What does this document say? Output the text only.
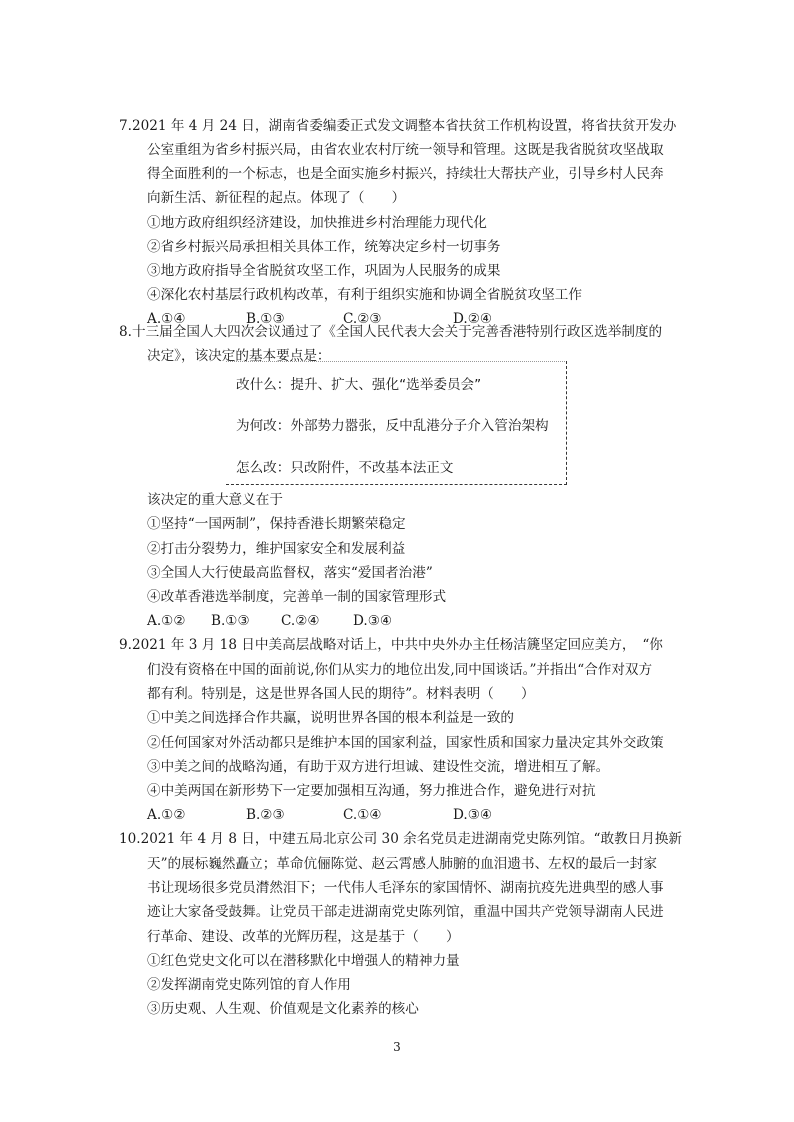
7.2021 年 4 月 24 日，湖南省委编委正式发文调整本省扶贫工作机构设置，将省扶贫开发办
公室重组为省乡村振兴局，由省农业农村厅统一领导和管理。这既是我省脱贫攻坚战取
得全面胜利的一个标志，也是全面实施乡村振兴，持续壮大帮扶产业，引导乡村人民奔
向新生活、新征程的起点。体现了（　　）
①地方政府组织经济建设，加快推进乡村治理能力现代化
②省乡村振兴局承担相关具体工作，统筹决定乡村一切事务
③地方政府指导全省脱贫攻坚工作，巩固为人民服务的成果
④深化农村基层行政机构改革，有利于组织实施和协调全省脱贫攻坚工作
A.①④	B.①③	C.②③	D.②④
8.十三届全国人大四次会议通过了《全国人民代表大会关于完善香港特别行政区选举制度的
决定》，该决定的基本要点是：
改什么：提升、扩大、强化“选举委员会”
为何改：外部势力嚣张，反中乱港分子介入管治架构
怎么改：只改附件，不改基本法正文
该决定的重大意义在于
①坚持“一国两制”，保持香港长期繁荣稳定
②打击分裂势力，维护国家安全和发展利益
③全国人大行使最高监督权，落实“爱国者治港”
④改革香港选举制度，完善单一制的国家管理形式
A.①② B.①③ C.②④ D.③④
9.2021 年 3 月 18 日中美高层战略对话上，中共中央外办主任杨洁篪坚定回应美方，　“你
们没有资格在中国的面前说,你们从实力的地位出发,同中国谈话。”并指出“合作对双方
都有利。特别是，这是世界各国人民的期待”。材料表明（　　）
①中美之间选择合作共赢，说明世界各国的根本利益是一致的
②任何国家对外活动都只是维护本国的国家利益，国家性质和国家力量决定其外交政策
③中美之间的战略沟通，有助于双方进行坦诚、建设性交流，增进相互了解。
④中美两国在新形势下一定要加强相互沟通，努力推进合作，避免进行对抗
A.①②	B.②③	C.①④	D.③④
10.2021 年 4 月 8 日，中建五局北京公司 30 余名党员走进湖南党史陈列馆。“敢教日月换新
天”的展标巍然矗立；革命伉俪陈觉、赵云霄感人肺腑的血泪遗书、左权的最后一封家
书让现场很多党员潸然泪下；一代伟人毛泽东的家国情怀、湖南抗疫先进典型的感人事
迹让大家备受鼓舞。让党员干部走进湖南党史陈列馆，重温中国共产党领导湖南人民进
行革命、建设、改革的光辉历程，这是基于（　　）
①红色党史文化可以在潜移默化中增强人的精神力量
②发挥湖南党史陈列馆的育人作用
③历史观、人生观、价值观是文化素养的核心
3
